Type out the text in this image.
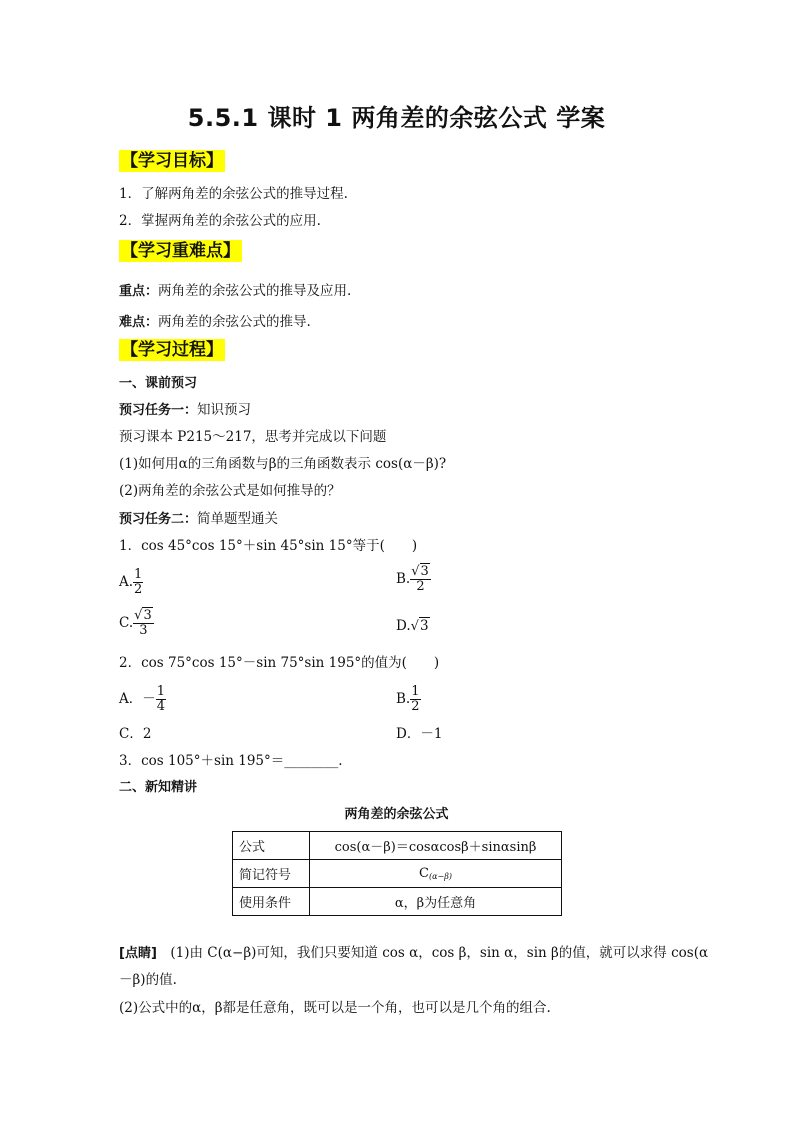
5.5.1 课时 1 两角差的余弦公式 学案
【学习目标】
1．了解两角差的余弦公式的推导过程.
2．掌握两角差的余弦公式的应用.
【学习重难点】
重点：两角差的余弦公式的推导及应用.
难点：两角差的余弦公式的推导.
【学习过程】
一、课前预习
预习任务一：知识预习
预习课本 P215～217，思考并完成以下问题
(1)如何用α的三角函数与β的三角函数表示 cos(α－β)?
(2)两角差的余弦公式是如何推导的？
预习任务二：简单题型通关
1．cos 45°cos 15°＋sin 45°sin 15°等于(　　)
A. $\frac{1}{2}$	B. $\frac{√3}{2}$
C. $\frac{√3}{3}$	D.√3
2．cos 75°cos 15°－sin 75°sin 195°的值为(　　)
A．－ $\frac{1}{4}$	B. $\frac{1}{2}$
C．2	D．－1
3．cos 105°＋sin 195°＝________.
二、新知精讲
两角差的余弦公式
公式	cos(α－β)＝cosαcosβ＋sinαsinβ
简记符号	$C_{(\alpha-\beta)}$
使用条件	α，β为任意角
[点睛]　 (1)由 C(α−β)可知，我们只要知道 cos α，cos β，sin α，sin β的值，就可以求得 cos(α
－β)的值.
(2)公式中的α，β都是任意角，既可以是一个角，也可以是几个角的组合.
